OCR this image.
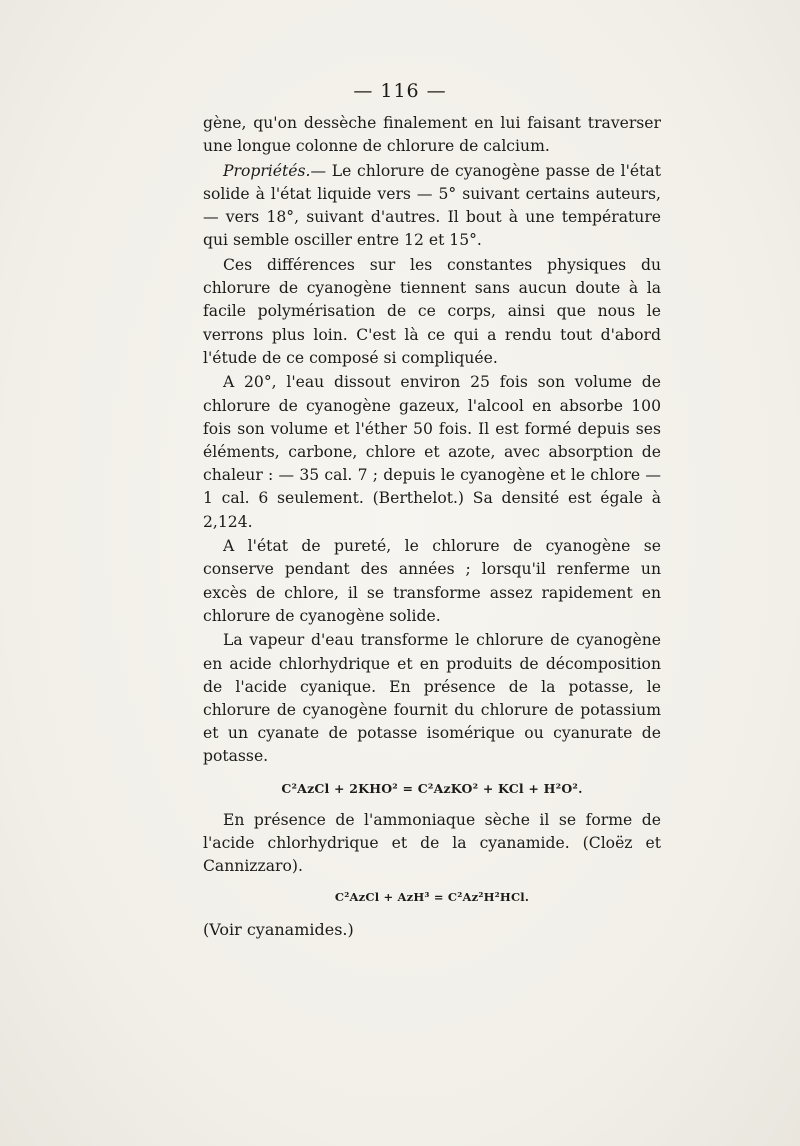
— 116 —

gène, qu'on dessèche finalement en lui faisant traverser une longue colonne de chlorure de calcium.

Propriétés.— Le chlorure de cyanogène passe de l'état solide à l'état liquide vers — 5° suivant certains auteurs, — vers 18°, suivant d'autres. Il bout à une température qui semble osciller entre 12 et 15°.

Ces différences sur les constantes physiques du chlorure de cyanogène tiennent sans aucun doute à la facile polymérisation de ce corps, ainsi que nous le verrons plus loin. C'est là ce qui a rendu tout d'abord l'étude de ce composé si compliquée.

A 20°, l'eau dissout environ 25 fois son volume de chlorure de cyanogène gazeux, l'alcool en absorbe 100 fois son volume et l'éther 50 fois. Il est formé depuis ses éléments, carbone, chlore et azote, avec absorption de chaleur : — 35 cal. 7 ; depuis le cyanogène et le chlore — 1 cal. 6 seulement. (Berthelot.) Sa densité est égale à 2,124.

A l'état de pureté, le chlorure de cyanogène se conserve pendant des années ; lorsqu'il renferme un excès de chlore, il se transforme assez rapidement en chlorure de cyanogène solide.

La vapeur d'eau transforme le chlorure de cyanogène en acide chlorhydrique et en produits de décomposition de l'acide cyanique. En présence de la potasse, le chlorure de cyanogène fournit du chlorure de potassium et un cyanate de potasse isomérique ou cyanurate de potasse.

C²AzCl + 2KHO² = C²AzKO² + KCl + H²O².

En présence de l'ammoniaque sèche il se forme de l'acide chlorhydrique et de la cyanamide. (Cloëz et Cannizzaro).

C²AzCl + AzH³ = C²Az²H²HCl.

(Voir cyanamides.)
